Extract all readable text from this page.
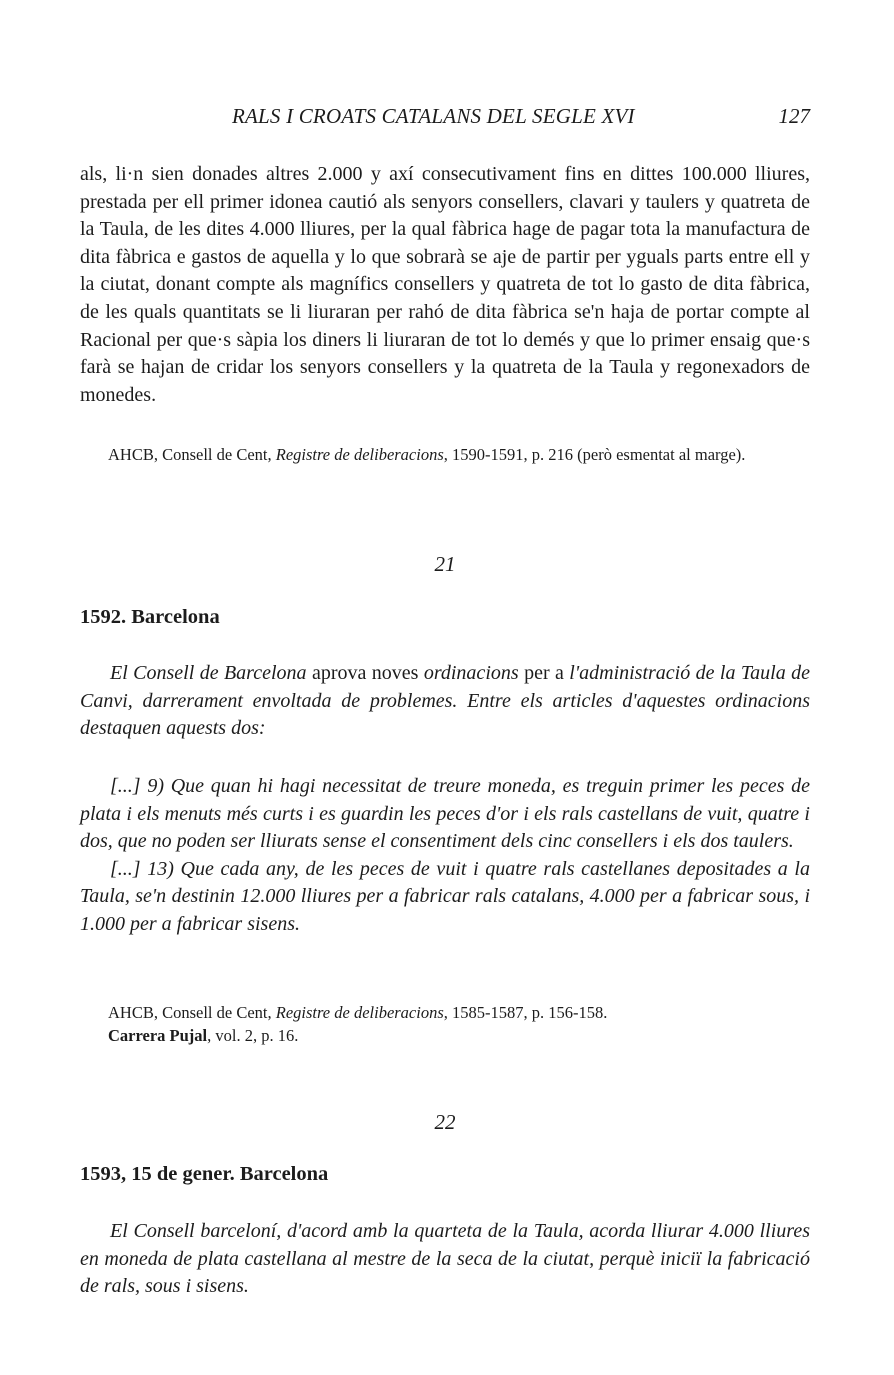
RALS I CROATS CATALANS DEL SEGLE XVI	127

als, li·n sien donades altres 2.000 y axí consecutivament fins en dittes 100.000 lliures, prestada per ell primer idonea cautió als senyors consellers, clavari y taulers y quatreta de la Taula, de les dites 4.000 lliures, per la qual fàbrica hage de pagar tota la manufactura de dita fàbrica e gastos de aquella y lo que sobrarà se aje de partir per yguals parts entre ell y la ciutat, donant compte als magnífics consellers y quatreta de tot lo gasto de dita fàbrica, de les quals quantitats se li liuraran per rahó de dita fàbrica se'n haja de portar compte al Racional per que·s sàpia los diners li liuraran de tot lo demés y que lo primer ensaig que·s farà se hajan de cridar los senyors consellers y la quatreta de la Taula y regonexadors de monedes.

AHCB, Consell de Cent, Registre de deliberacions, 1590-1591, p. 216 (però esmentat al marge).

21
1592. Barcelona

El Consell de Barcelona aprova noves ordinacions per a l'administració de la Taula de Canvi, darrerament envoltada de problemes. Entre els articles d'aquestes ordinacions destaquen aquests dos:

[...] 9) Que quan hi hagi necessitat de treure moneda, es treguin primer les peces de plata i els menuts més curts i es guardin les peces d'or i els rals castellans de vuit, quatre i dos, que no poden ser lliurats sense el consentiment dels cinc consellers i els dos taulers.

[...] 13) Que cada any, de les peces de vuit i quatre rals castellanes depositades a la Taula, se'n destinin 12.000 lliures per a fabricar rals catalans, 4.000 per a fabricar sous, i 1.000 per a fabricar sisens.

AHCB, Consell de Cent, Registre de deliberacions, 1585-1587, p. 156-158.

Carrera Pujal, vol. 2, p. 16.

22
1593, 15 de gener. Barcelona

El Consell barceloní, d'acord amb la quarteta de la Taula, acorda lliurar 4.000 lliures en moneda de plata castellana al mestre de la seca de la ciutat, perquè iniciï la fabricació de rals, sous i sisens.
